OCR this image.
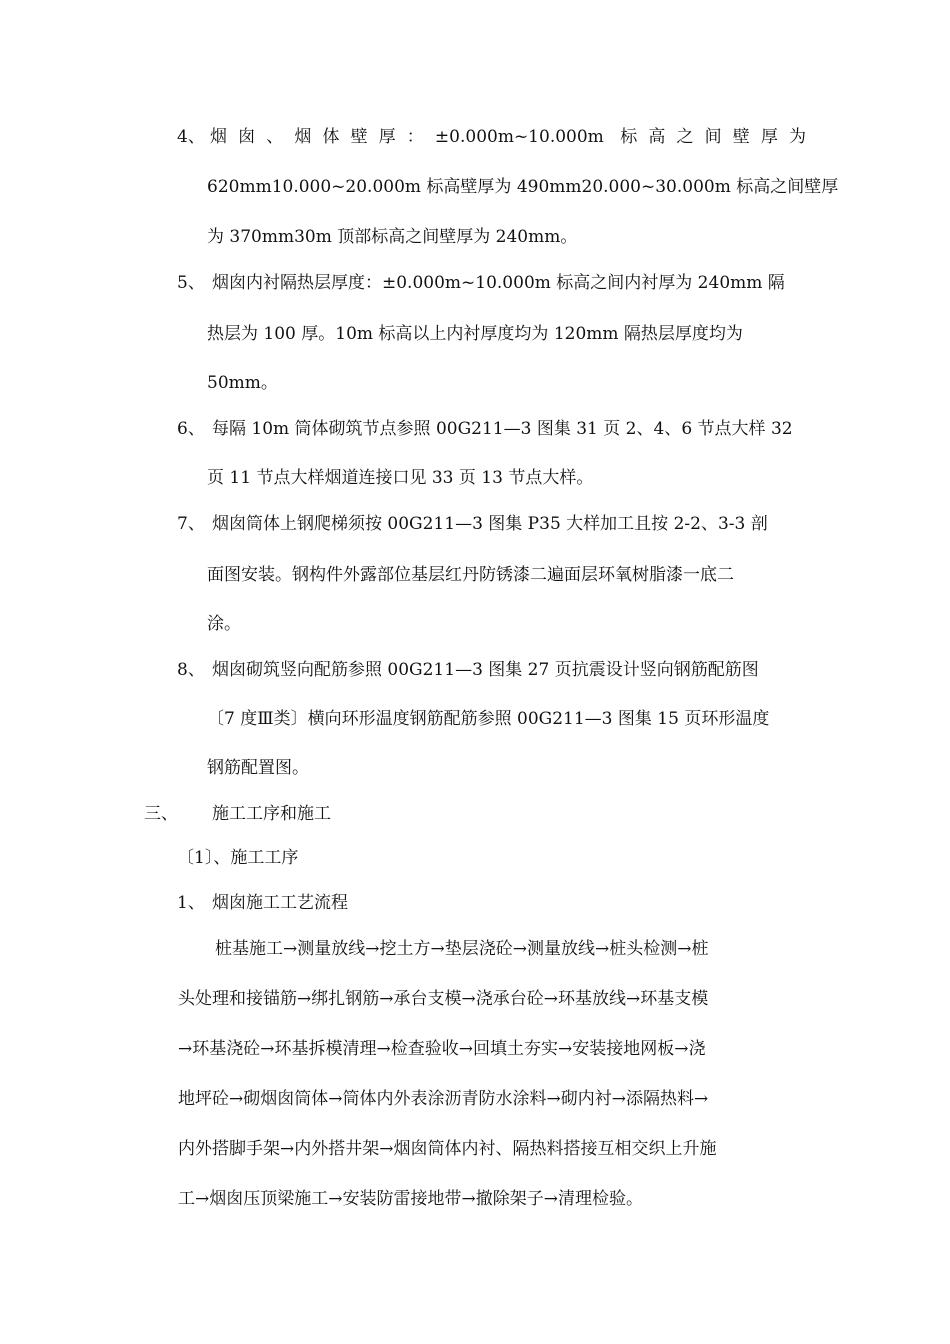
4、 烟囱、烟体壁厚：±0.000m~10.000m 标高之间壁厚为
620mm10.000~20.000m 标高壁厚为 490mm20.000~30.000m 标高之间壁厚
为 370mm30m 顶部标高之间壁厚为 240mm。
5、 烟囱内衬隔热层厚度：±0.000m~10.000m 标高之间内衬厚为 240mm 隔
热层为 100 厚。10m 标高以上内衬厚度均为 120mm 隔热层厚度均为
50mm。
6、 每隔 10m 筒体砌筑节点参照 00G211—3 图集 31 页 2、4、6 节点大样 32
页 11 节点大样烟道连接口见 33 页 13 节点大样。
7、 烟囱筒体上钢爬梯须按 00G211—3 图集 P35 大样加工且按 2-2、3-3 剖
面图安装。钢构件外露部位基层红丹防锈漆二遍面层环氧树脂漆一底二
涂。
8、 烟囱砌筑竖向配筋参照 00G211—3 图集 27 页抗震设计竖向钢筋配筋图
〔7 度Ⅲ类〕横向环形温度钢筋配筋参照 00G211—3 图集 15 页环形温度
钢筋配置图。
三、 施工工序和施工
〔1〕、施工工序
1、 烟囱施工工艺流程
桩基施工→测量放线→挖土方→垫层浇砼→测量放线→桩头检测→桩
头处理和接锚筋→绑扎钢筋→承台支模→浇承台砼→环基放线→环基支模
→环基浇砼→环基拆模清理→检查验收→回填土夯实→安装接地网板→浇
地坪砼→砌烟囱筒体→筒体内外表涂沥青防水涂料→砌内衬→添隔热料→
内外搭脚手架→内外搭井架→烟囱筒体内衬、隔热料搭接互相交织上升施
工→烟囱压顶梁施工→安装防雷接地带→撤除架子→清理检验。
